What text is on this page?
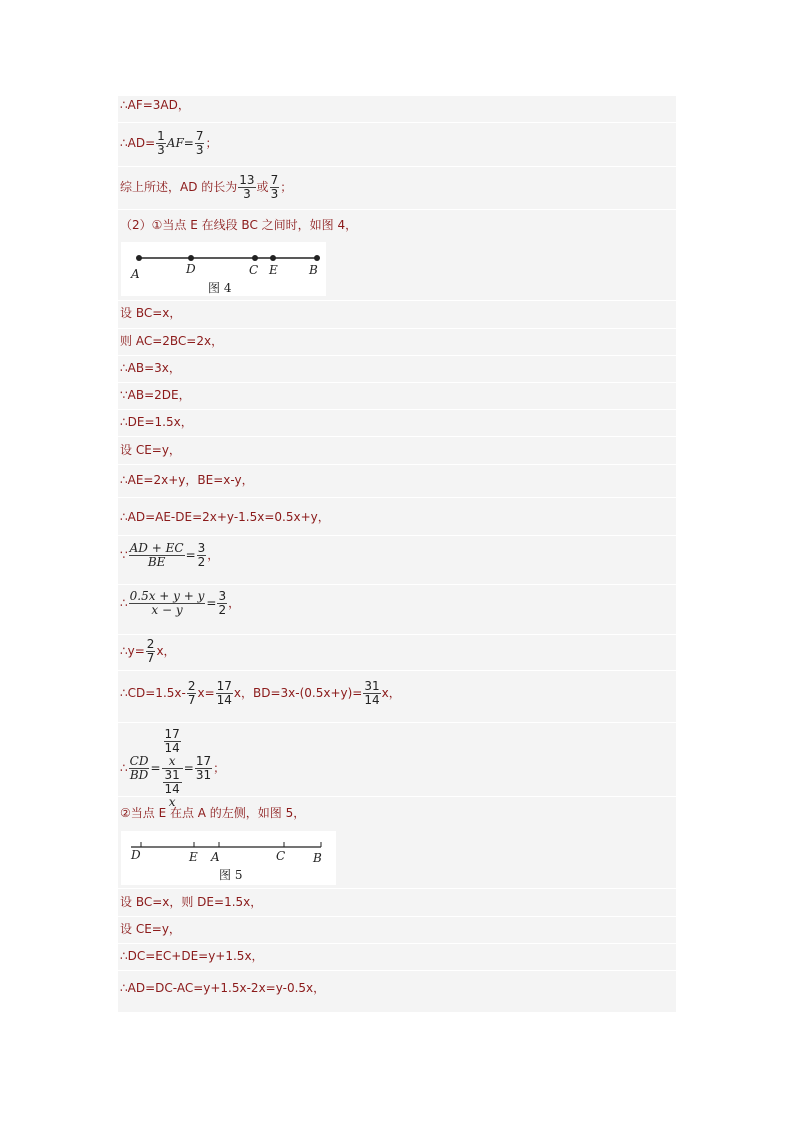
∴AF=3AD，
∴AD= $\frac{1}{3} AF= \frac{7}{3}$ ；
综上所述，AD 的长为 $\frac{13}{3}$ 或 $\frac{7}{3}$ ；
（2）①当点 E 在线段 BC 之间时，如图 4，
A	D	C E	B
图 4
设 BC=x，
则 AC=2BC=2x，
∴AB=3x，
∵AB=2DE，
∴DE=1.5x，
设 CE=y，
∴AE=2x+y，BE=x-y，
∴AD=AE-DE=2x+y-1.5x=0.5x+y，
∵ $\frac{AD + EC}{BE} = \frac{3}{2}$ ，
∴ $\frac{0.5x + y + y}{x - y} = \frac{3}{2}$ ，
∴y= $\frac{2}{7}$ x，
∴CD=1.5x- $\frac{2}{7} x= \frac{17}{14}$ x，$BD=3x-(0.5x+y)= \frac{31}{14}$ x，
∴ $\frac{CD}{BD} = 17$
14
x
31
14
$x = \frac{17}{31}$ ；
②当点 E 在点 A 的左侧，如图 5，
D	E A	C B
图 5
设 BC=x，则 DE=1.5x，
设 CE=y，
∴DC=EC+DE=y+1.5x，
∴AD=DC-AC=y+1.5x-2x=y-0.5x，
